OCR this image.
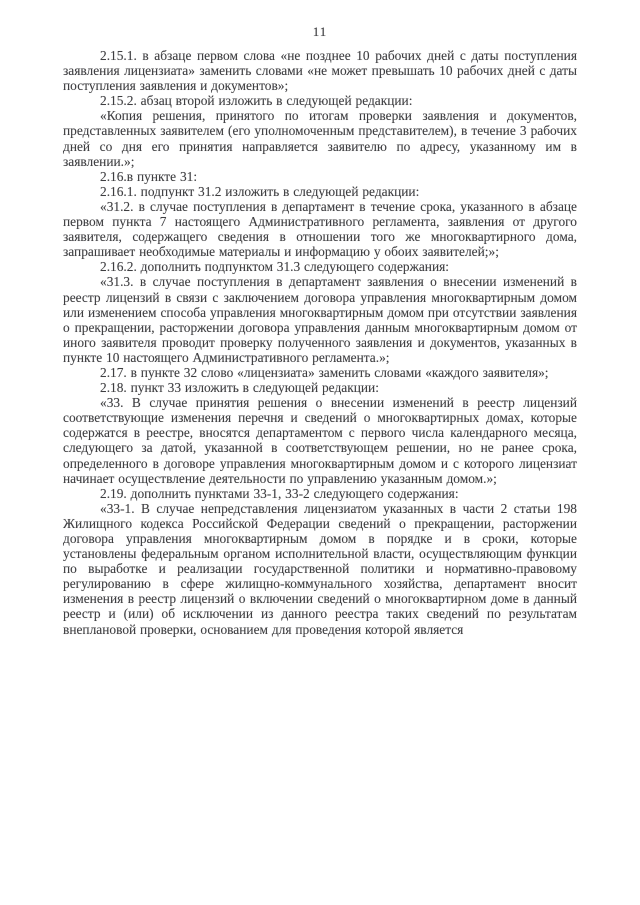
11

2.15.1. в абзаце первом слова «не позднее 10 рабочих дней с даты поступления заявления лицензиата» заменить словами «не может превышать 10 рабочих дней с даты поступления заявления и документов»;

2.15.2. абзац второй изложить в следующей редакции:

«Копия решения, принятого по итогам проверки заявления и документов, представленных заявителем (его уполномоченным представителем), в течение 3 рабочих дней со дня его принятия направляется заявителю по адресу, указанному им в заявлении.»;

2.16.в пункте 31:

2.16.1. подпункт 31.2 изложить в следующей редакции:

«31.2. в случае поступления в департамент в течение срока, указанного в абзаце первом пункта 7 настоящего Административного регламента, заявления от другого заявителя, содержащего сведения в отношении того же многоквартирного дома, запрашивает необходимые материалы и информацию у обоих заявителей;»;

2.16.2. дополнить подпунктом 31.3 следующего содержания:

«31.3. в случае поступления в департамент заявления о внесении изменений в реестр лицензий в связи с заключением договора управления многоквартирным домом или изменением способа управления многоквартирным домом при отсутствии заявления о прекращении, расторжении договора управления данным многоквартирным домом от иного заявителя проводит проверку полученного заявления и документов, указанных в пункте 10 настоящего Административного регламента.»;

2.17. в пункте 32 слово «лицензиата» заменить словами «каждого заявителя»;

2.18. пункт 33 изложить в следующей редакции:

«33. В случае принятия решения о внесении изменений в реестр лицензий соответствующие изменения перечня и сведений о многоквартирных домах, которые содержатся в реестре, вносятся департаментом с первого числа календарного месяца, следующего за датой, указанной в соответствующем решении, но не ранее срока, определенного в договоре управления многоквартирным домом и с которого лицензиат начинает осуществление деятельности по управлению указанным домом.»;

2.19. дополнить пунктами 33-1, 33-2 следующего содержания:

«33-1. В случае непредставления лицензиатом указанных в части 2 статьи 198 Жилищного кодекса Российской Федерации сведений о прекращении, расторжении договора управления многоквартирным домом в порядке и в сроки, которые установлены федеральным органом исполнительной власти, осуществляющим функции по выработке и реализации государственной политики и нормативно-правовому регулированию в сфере жилищно-коммунального хозяйства, департамент вносит изменения в реестр лицензий о включении сведений о многоквартирном доме в данный реестр и (или) об исключении из данного реестра таких сведений по результатам внеплановой проверки, основанием для проведения которой является
